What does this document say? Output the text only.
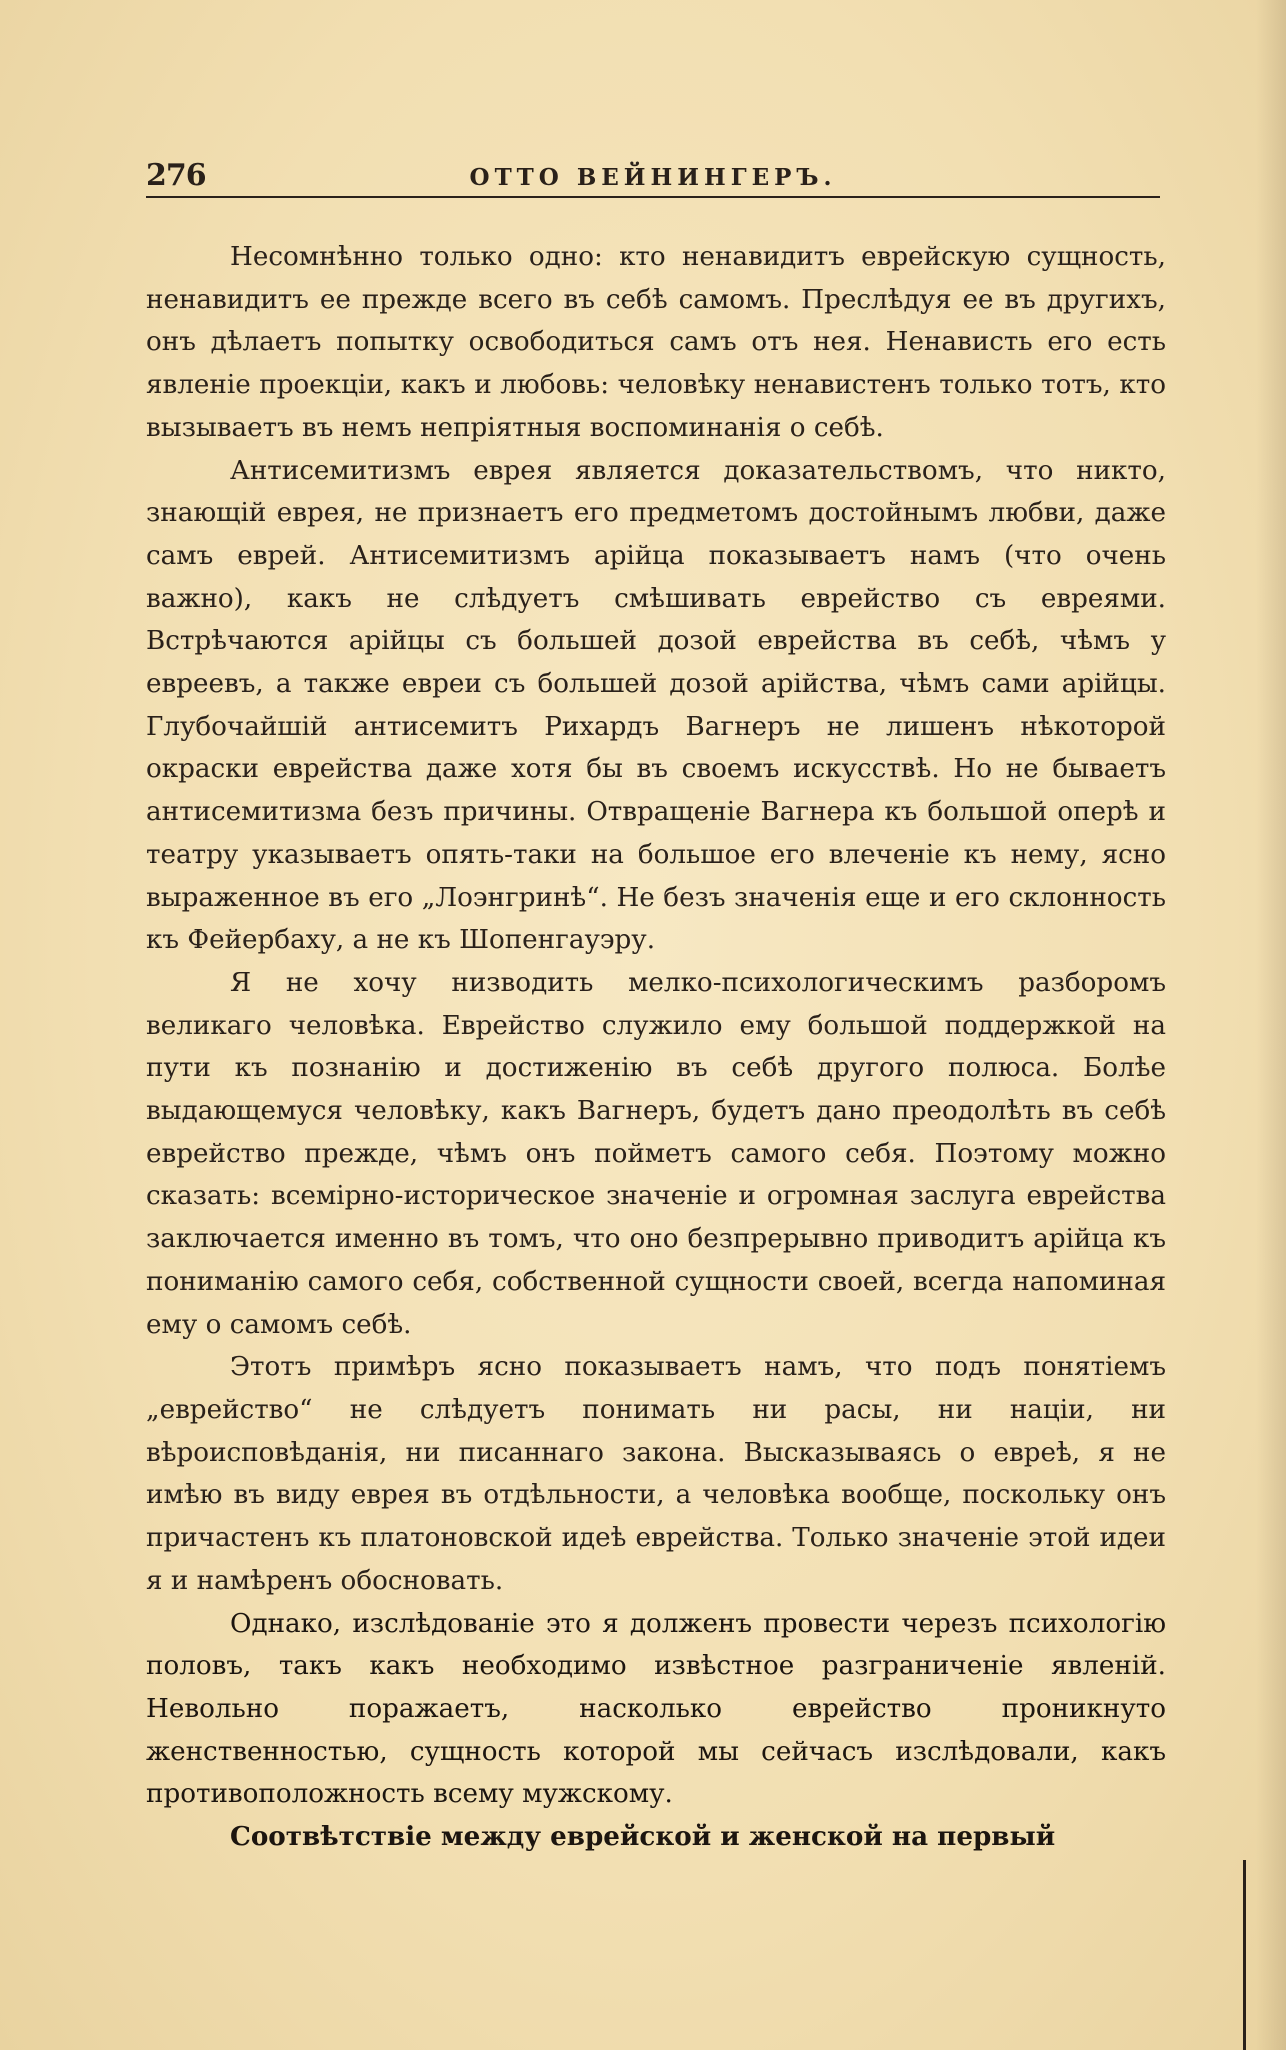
276	ОТТО ВЕЙНИНГЕРЪ.

Несомнѣнно только одно: кто ненавидитъ еврейскую сущность, ненавидитъ ее прежде всего въ себѣ самомъ. Преслѣдуя ее въ другихъ, онъ дѣлаетъ попытку освободиться самъ отъ нея. Ненависть его есть явленіе проекціи, какъ и любовь: человѣку ненавистенъ только тотъ, кто вызываетъ въ немъ непріятныя воспоминанія о себѣ.

Антисемитизмъ еврея является доказательствомъ, что никто, знающій еврея, не признаетъ его предметомъ достойнымъ любви, даже самъ еврей. Антисемитизмъ арійца показываетъ намъ (что очень важно), какъ не слѣдуетъ смѣшивать еврейство съ евреями. Встрѣчаются арійцы съ большей дозой еврейства въ себѣ, чѣмъ у евреевъ, а также евреи съ большей дозой арійства, чѣмъ сами арійцы. Глубочайшій антисемитъ Рихардъ Вагнеръ не лишенъ нѣкоторой окраски еврейства даже хотя бы въ своемъ искусствѣ. Но не бываетъ антисемитизма безъ причины. Отвращеніе Вагнера къ большой оперѣ и театру указываетъ опять-таки на большое его влеченіе къ нему, ясно выраженное въ его „Лоэнгринѣ“. Не безъ значенія еще и его склонность къ Фейербаху, а не къ Шопенгауэру.

Я не хочу низводить мелко-психологическимъ разборомъ великаго человѣка. Еврейство служило ему большой поддержкой на пути къ познанію и достиженію въ себѣ другого полюса. Болѣе выдающемуся человѣку, какъ Вагнеръ, будетъ дано преодолѣть въ себѣ еврейство прежде, чѣмъ онъ пойметъ самого себя. Поэтому можно сказать: всемірно-историческое значеніе и огромная заслуга еврейства заключается именно въ томъ, что оно безпрерывно приводитъ арійца къ пониманію самого себя, собственной сущности своей, всегда напоминая ему о самомъ себѣ.

Этотъ примѣръ ясно показываетъ намъ, что подъ понятіемъ „еврейство“ не слѣдуетъ понимать ни расы, ни націи, ни вѣроисповѣданія, ни писаннаго закона. Высказываясь о евреѣ, я не имѣю въ виду еврея въ отдѣльности, а человѣка вообще, поскольку онъ причастенъ къ платоновской идеѣ еврейства. Только значеніе этой идеи я и намѣренъ обосновать.

Однако, изслѣдованіе это я долженъ провести черезъ психологію половъ, такъ какъ необходимо извѣстное разграниченіе явленій. Невольно поражаетъ, насколько еврейство проникнуто женственностью, сущность которой мы сейчасъ изслѣдовали, какъ противоположность всему мужскому.

Соотвѣтствіе между еврейской и женской на первый
